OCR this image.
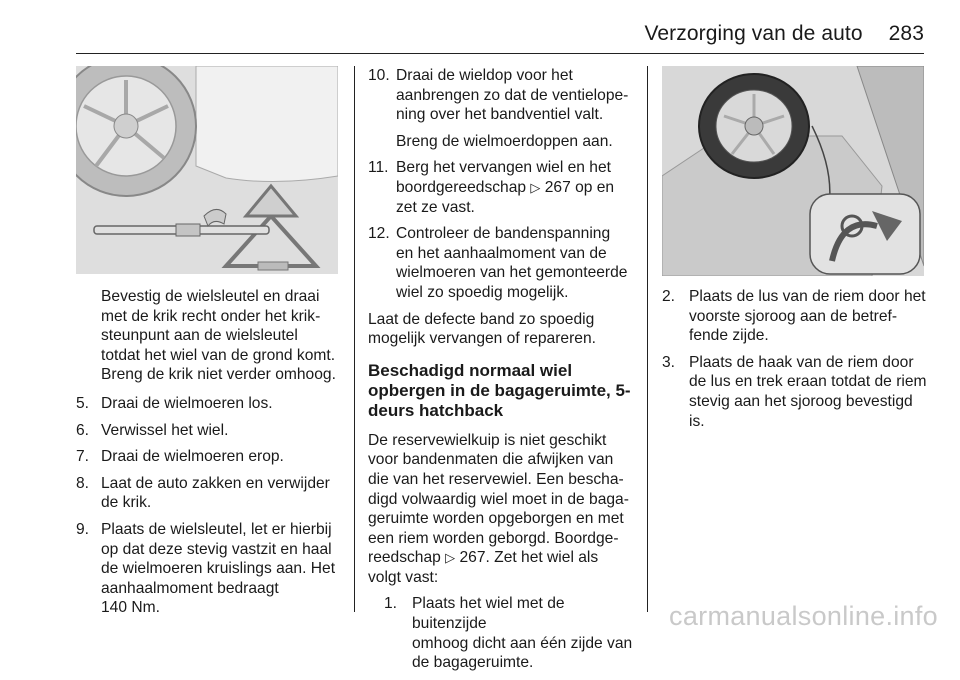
Verzorging van de auto 283
Bevestig de wielsleutel en draai
met de krik recht onder het krik-
steunpunt aan de wielsleutel
totdat het wiel van de grond komt.
Breng de krik niet verder omhoog.
5. Draai de wielmoeren los.
6. Verwissel het wiel.
7. Draai de wielmoeren erop.
8. Laat de auto zakken en verwijder
de krik.
9. Plaats de wielsleutel, let er hierbij
op dat deze stevig vastzit en haal
de wielmoeren kruislings aan. Het
aanhaalmoment bedraagt
140 Nm.
10. Draai de wieldop voor het
aanbrengen zo dat de ventielope-
ning over het bandventiel valt.
Breng de wielmoerdoppen aan.
11. Berg het vervangen wiel en het
boordgereedschap ▷ 267 op en
zet ze vast.
12. Controleer de bandenspanning
en het aanhaalmoment van de
wielmoeren van het gemonteerde
wiel zo spoedig mogelijk.
Laat de defecte band zo spoedig
mogelijk vervangen of repareren.
Beschadigd normaal wiel
opbergen in de bagageruimte, 5-
deurs hatchback
De reservewielkuip is niet geschikt
voor bandenmaten die afwijken van
die van het reservewiel. Een bescha-
digd volwaardig wiel moet in de baga-
geruimte worden opgeborgen en met
een riem worden geborgd. Boordge-
reedschap ▷ 267. Zet het wiel als
volgt vast:
1. Plaats het wiel met de buitenzijde
omhoog dicht aan één zijde van
de bagageruimte.
2. Plaats de lus van de riem door het
voorste sjoroog aan de betref-
fende zijde.
3. Plaats de haak van de riem door
de lus en trek eraan totdat de riem
stevig aan het sjoroog bevestigd
is.
carmanualsonline.info
